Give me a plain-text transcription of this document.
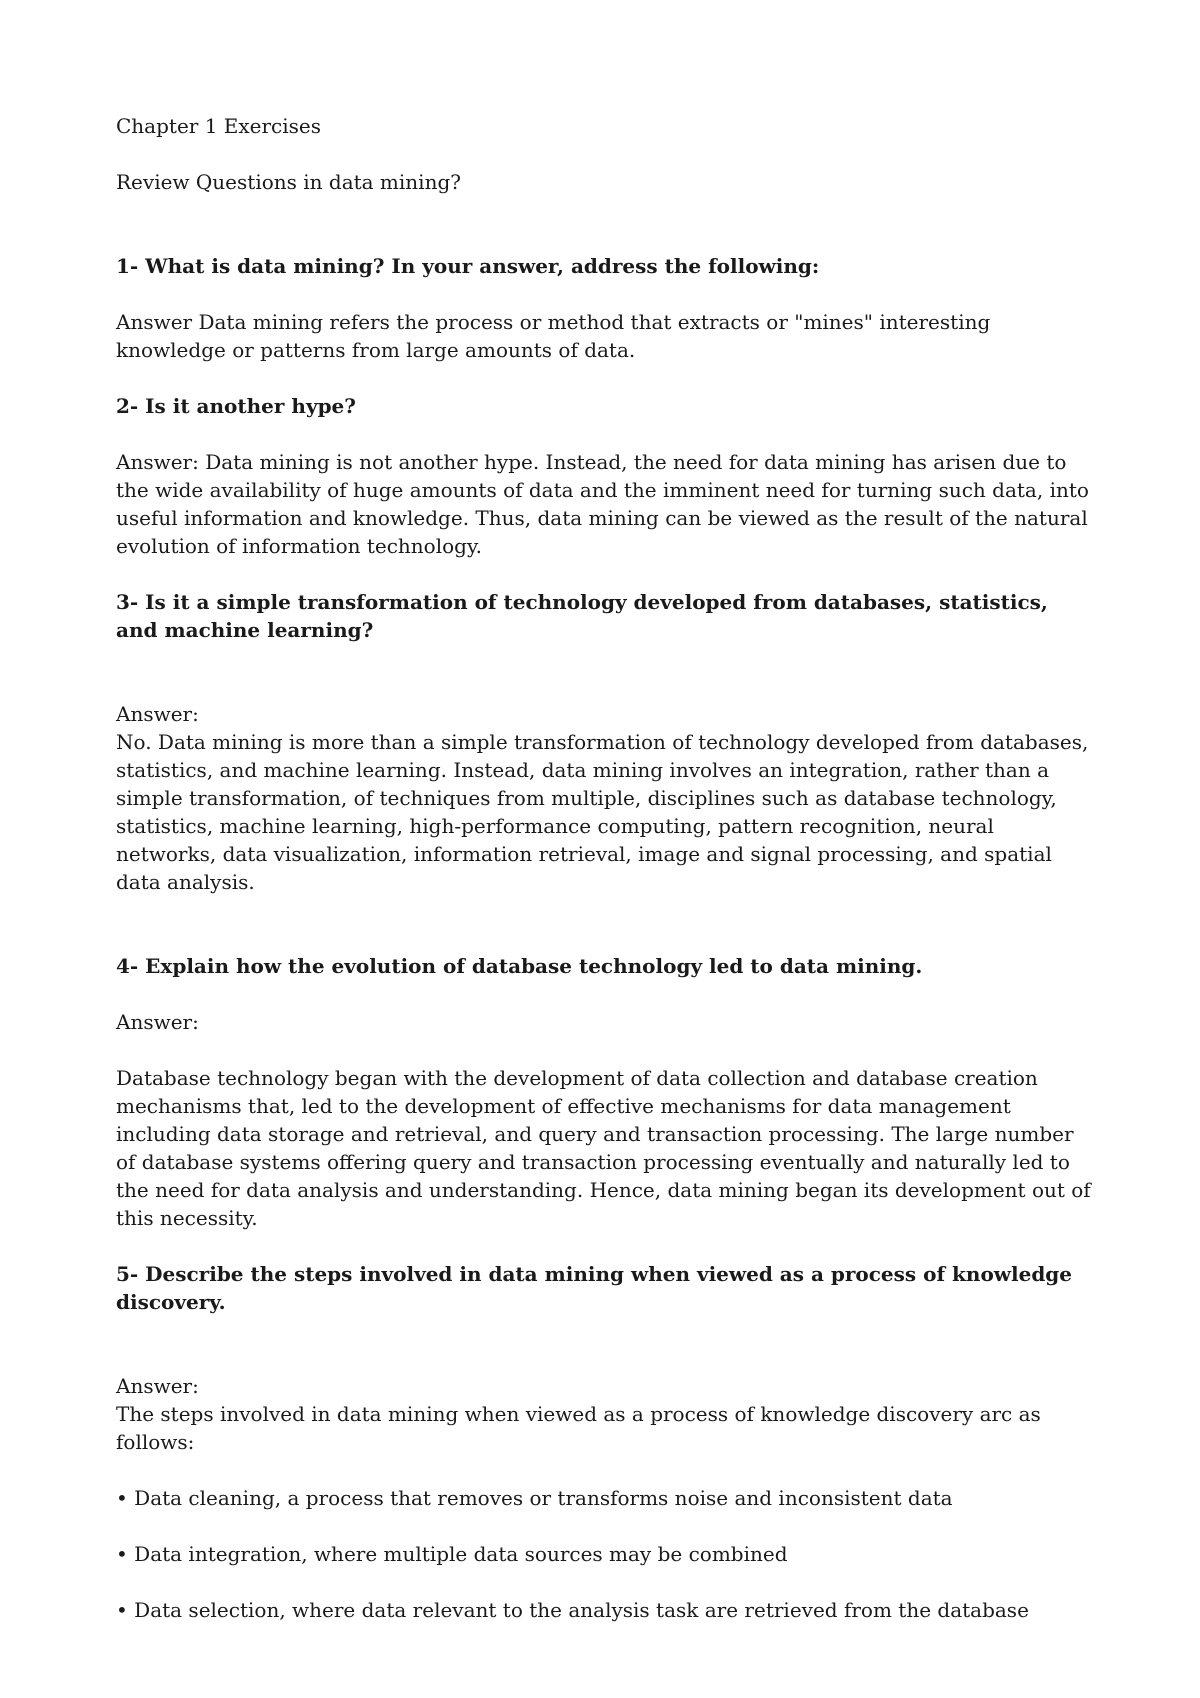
Chapter 1 Exercises

Review Questions in data mining?

1- What is data mining? In your answer, address the following:

Answer Data mining refers the process or method that extracts or "mines" interesting knowledge or patterns from large amounts of data.

2- Is it another hype?

Answer: Data mining is not another hype. Instead, the need for data mining has arisen due to the wide availability of huge amounts of data and the imminent need for turning such data, into useful information and knowledge. Thus, data mining can be viewed as the result of the natural evolution of information technology.

3- Is it a simple transformation of technology developed from databases, statistics, and machine learning?

Answer:

No. Data mining is more than a simple transformation of technology developed from databases, statistics, and machine learning. Instead, data mining involves an integration, rather than a simple transformation, of techniques from multiple, disciplines such as database technology, statistics, machine learning, high-performance computing, pattern recognition, neural networks, data visualization, information retrieval, image and signal processing, and spatial data analysis.

4- Explain how the evolution of database technology led to data mining.

Answer:

Database technology began with the development of data collection and database creation mechanisms that, led to the development of effective mechanisms for data management including data storage and retrieval, and query and transaction processing. The large number of database systems offering query and transaction processing eventually and naturally led to the need for data analysis and understanding. Hence, data mining began its development out of this necessity.

5- Describe the steps involved in data mining when viewed as a process of knowledge discovery.

Answer:

The steps involved in data mining when viewed as a process of knowledge discovery arc as follows:

• Data cleaning, a process that removes or transforms noise and inconsistent data

• Data integration, where multiple data sources may be combined

• Data selection, where data relevant to the analysis task are retrieved from the database
